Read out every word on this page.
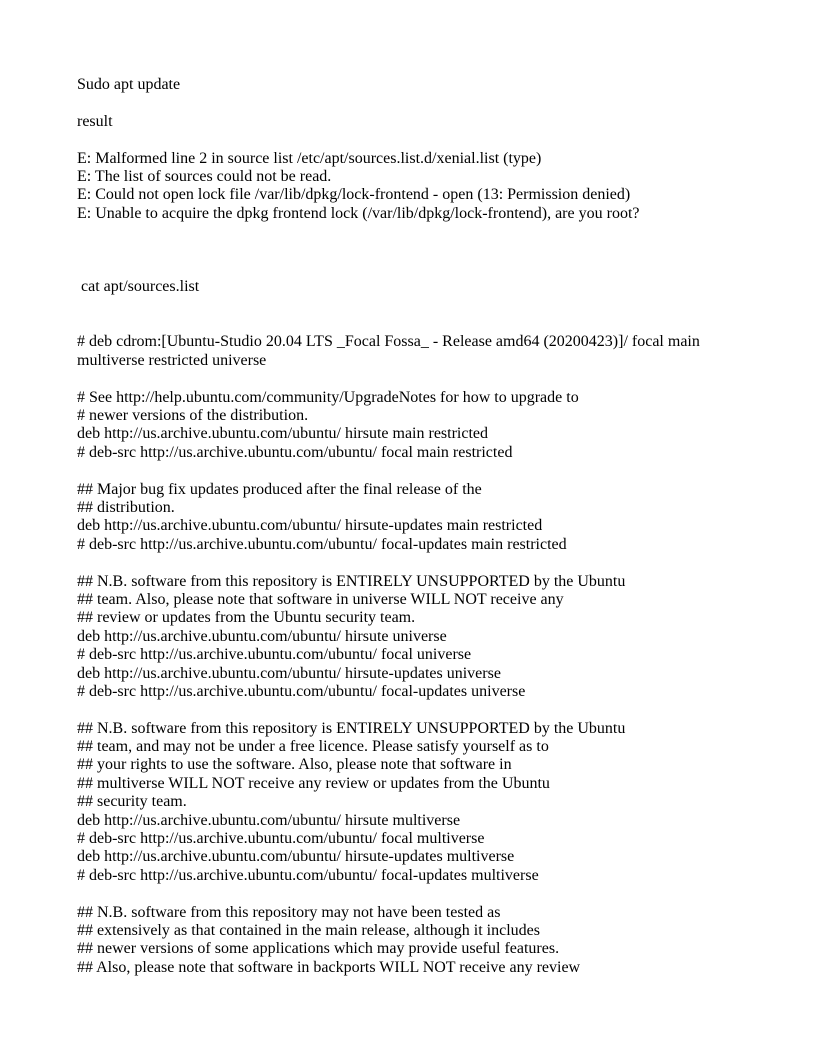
Sudo apt update
result
E: Malformed line 2 in source list /etc/apt/sources.list.d/xenial.list (type)
E: The list of sources could not be read.
E: Could not open lock file /var/lib/dpkg/lock-frontend - open (13: Permission denied)
E: Unable to acquire the dpkg frontend lock (/var/lib/dpkg/lock-frontend), are you root?
cat apt/sources.list
# deb cdrom:[Ubuntu-Studio 20.04 LTS _Focal Fossa_ - Release amd64 (20200423)]/ focal main
multiverse restricted universe
# See http://help.ubuntu.com/community/UpgradeNotes for how to upgrade to
# newer versions of the distribution.
deb http://us.archive.ubuntu.com/ubuntu/ hirsute main restricted
# deb-src http://us.archive.ubuntu.com/ubuntu/ focal main restricted
## Major bug fix updates produced after the final release of the
## distribution.
deb http://us.archive.ubuntu.com/ubuntu/ hirsute-updates main restricted
# deb-src http://us.archive.ubuntu.com/ubuntu/ focal-updates main restricted
## N.B. software from this repository is ENTIRELY UNSUPPORTED by the Ubuntu
## team. Also, please note that software in universe WILL NOT receive any
## review or updates from the Ubuntu security team.
deb http://us.archive.ubuntu.com/ubuntu/ hirsute universe
# deb-src http://us.archive.ubuntu.com/ubuntu/ focal universe
deb http://us.archive.ubuntu.com/ubuntu/ hirsute-updates universe
# deb-src http://us.archive.ubuntu.com/ubuntu/ focal-updates universe
## N.B. software from this repository is ENTIRELY UNSUPPORTED by the Ubuntu
## team, and may not be under a free licence. Please satisfy yourself as to
## your rights to use the software. Also, please note that software in
## multiverse WILL NOT receive any review or updates from the Ubuntu
## security team.
deb http://us.archive.ubuntu.com/ubuntu/ hirsute multiverse
# deb-src http://us.archive.ubuntu.com/ubuntu/ focal multiverse
deb http://us.archive.ubuntu.com/ubuntu/ hirsute-updates multiverse
# deb-src http://us.archive.ubuntu.com/ubuntu/ focal-updates multiverse
## N.B. software from this repository may not have been tested as
## extensively as that contained in the main release, although it includes
## newer versions of some applications which may provide useful features.
## Also, please note that software in backports WILL NOT receive any review
